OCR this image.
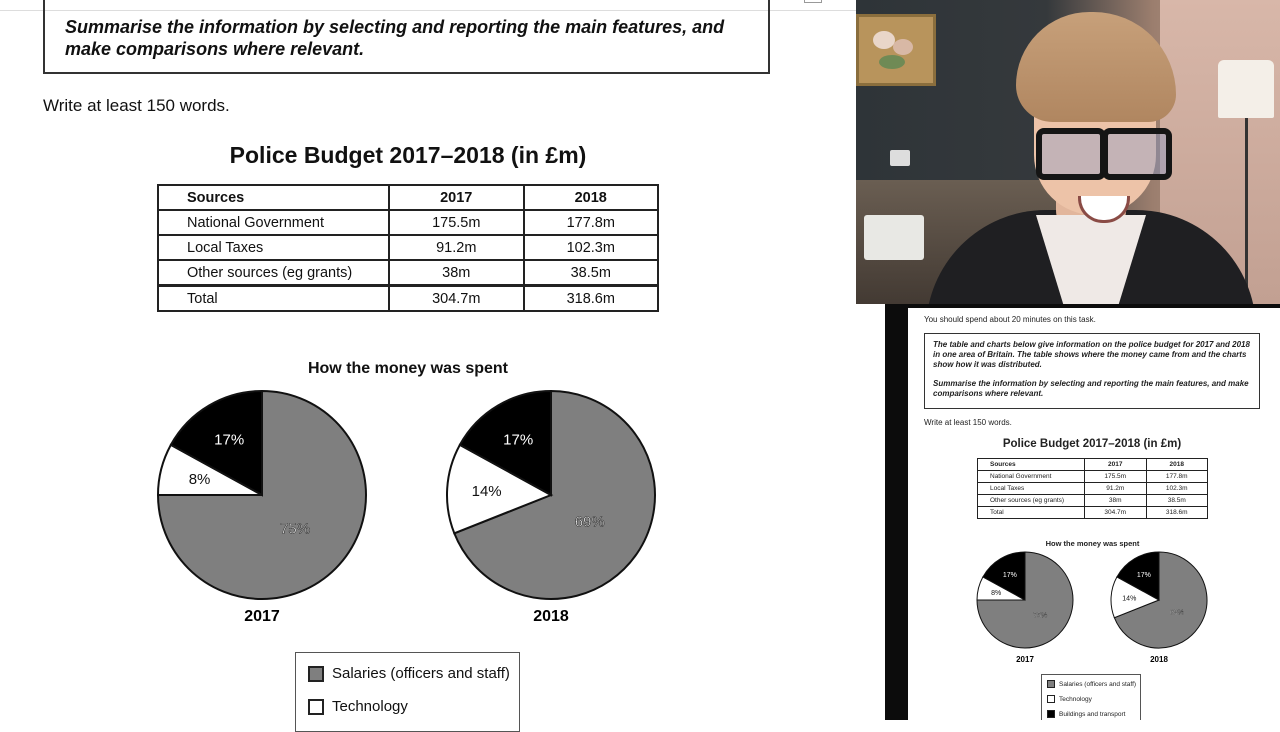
Summarise the information by selecting and reporting the main features, and make comparisons where relevant.
Write at least 150 words.
Police Budget 2017–2018 (in £m)
Sources	2017	2018
National Government	175.5m	177.8m
Local Taxes	91.2m	102.3m
Other sources (eg grants)	38m	38.5m
Total	304.7m	318.6m
How the money was spent
75%
8%
17%
2017
69%
14%
17%
2018
Salaries (officers and staff)
Technology
You should spend about 20 minutes on this task.

The table and charts below give information on the police budget for 2017 and 2018 in one area of Britain. The table shows where the money came from and the charts show how it was distributed.

Summarise the information by selecting and reporting the main features, and make comparisons where relevant.

Write at least 150 words.
Police Budget 2017–2018 (in £m)
Sources	2017	2018
National Government	175.5m	177.8m
Local Taxes	91.2m	102.3m
Other sources (eg grants)	38m	38.5m
Total	304.7m	318.6m
How the money was spent
75%
8%
17%
2017
69%
14%
17%
2018
Salaries (officers and staff)
Technology
Buildings and transport
